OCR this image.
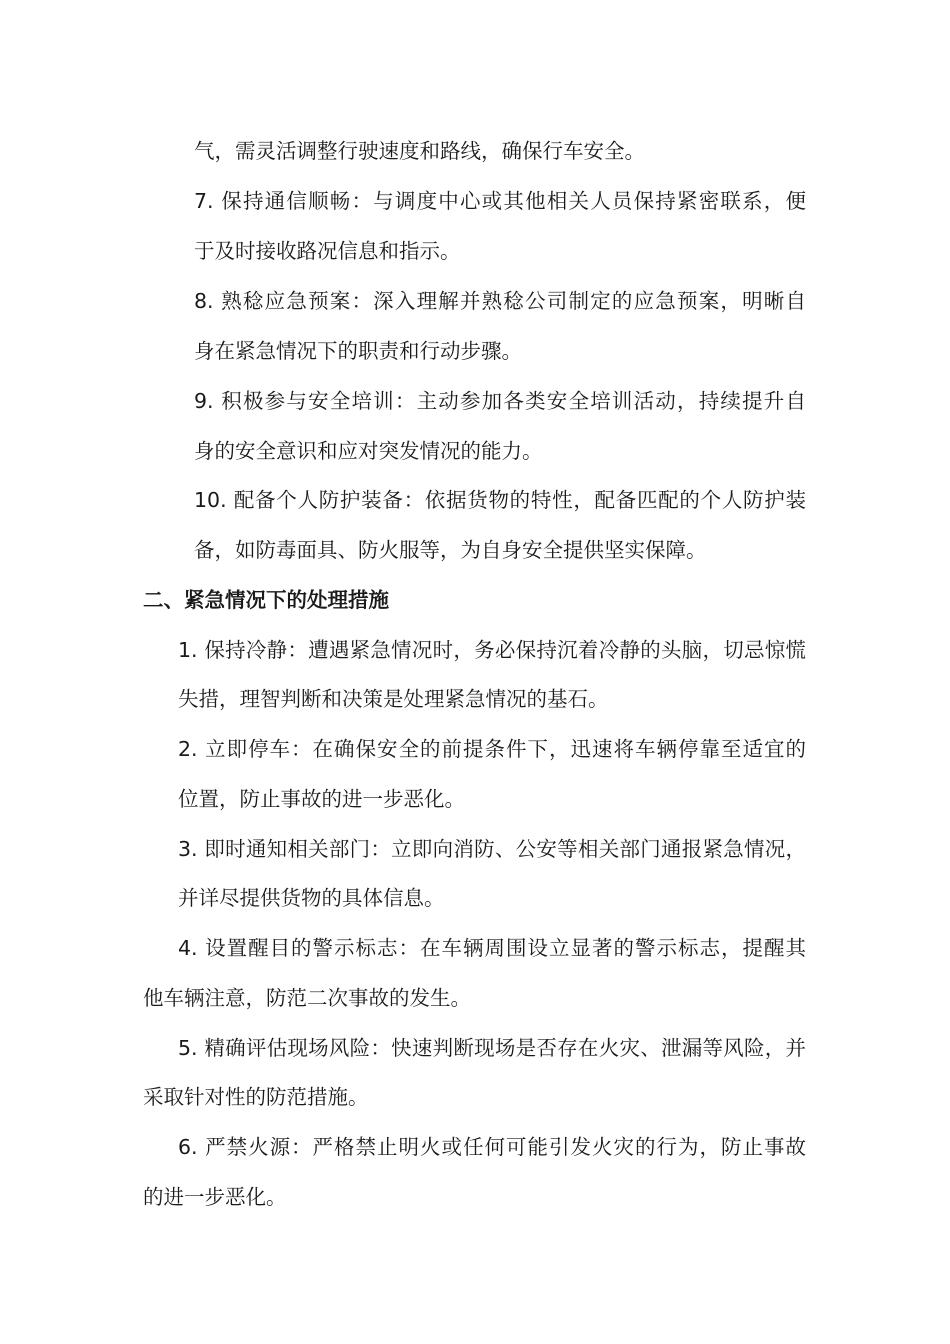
气，需灵活调整行驶速度和路线，确保行车安全。
7. 保持通信顺畅：与调度中心或其他相关人员保持紧密联系，便
于及时接收路况信息和指示。
8. 熟稔应急预案：深入理解并熟稔公司制定的应急预案，明晰自
身在紧急情况下的职责和行动步骤。
9. 积极参与安全培训：主动参加各类安全培训活动，持续提升自
身的安全意识和应对突发情况的能力。
10. 配备个人防护装备：依据货物的特性，配备匹配的个人防护装
备，如防毒面具、防火服等，为自身安全提供坚实保障。
二、紧急情况下的处理措施
1. 保持冷静：遭遇紧急情况时，务必保持沉着冷静的头脑，切忌惊慌
失措，理智判断和决策是处理紧急情况的基石。
2. 立即停车：在确保安全的前提条件下，迅速将车辆停靠至适宜的
位置，防止事故的进一步恶化。
3. 即时通知相关部门：立即向消防、公安等相关部门通报紧急情况，
并详尽提供货物的具体信息。
4. 设置醒目的警示标志：在车辆周围设立显著的警示标志，提醒其
他车辆注意，防范二次事故的发生。
5. 精确评估现场风险：快速判断现场是否存在火灾、泄漏等风险，并
采取针对性的防范措施。
6. 严禁火源：严格禁止明火或任何可能引发火灾的行为，防止事故
的进一步恶化。
